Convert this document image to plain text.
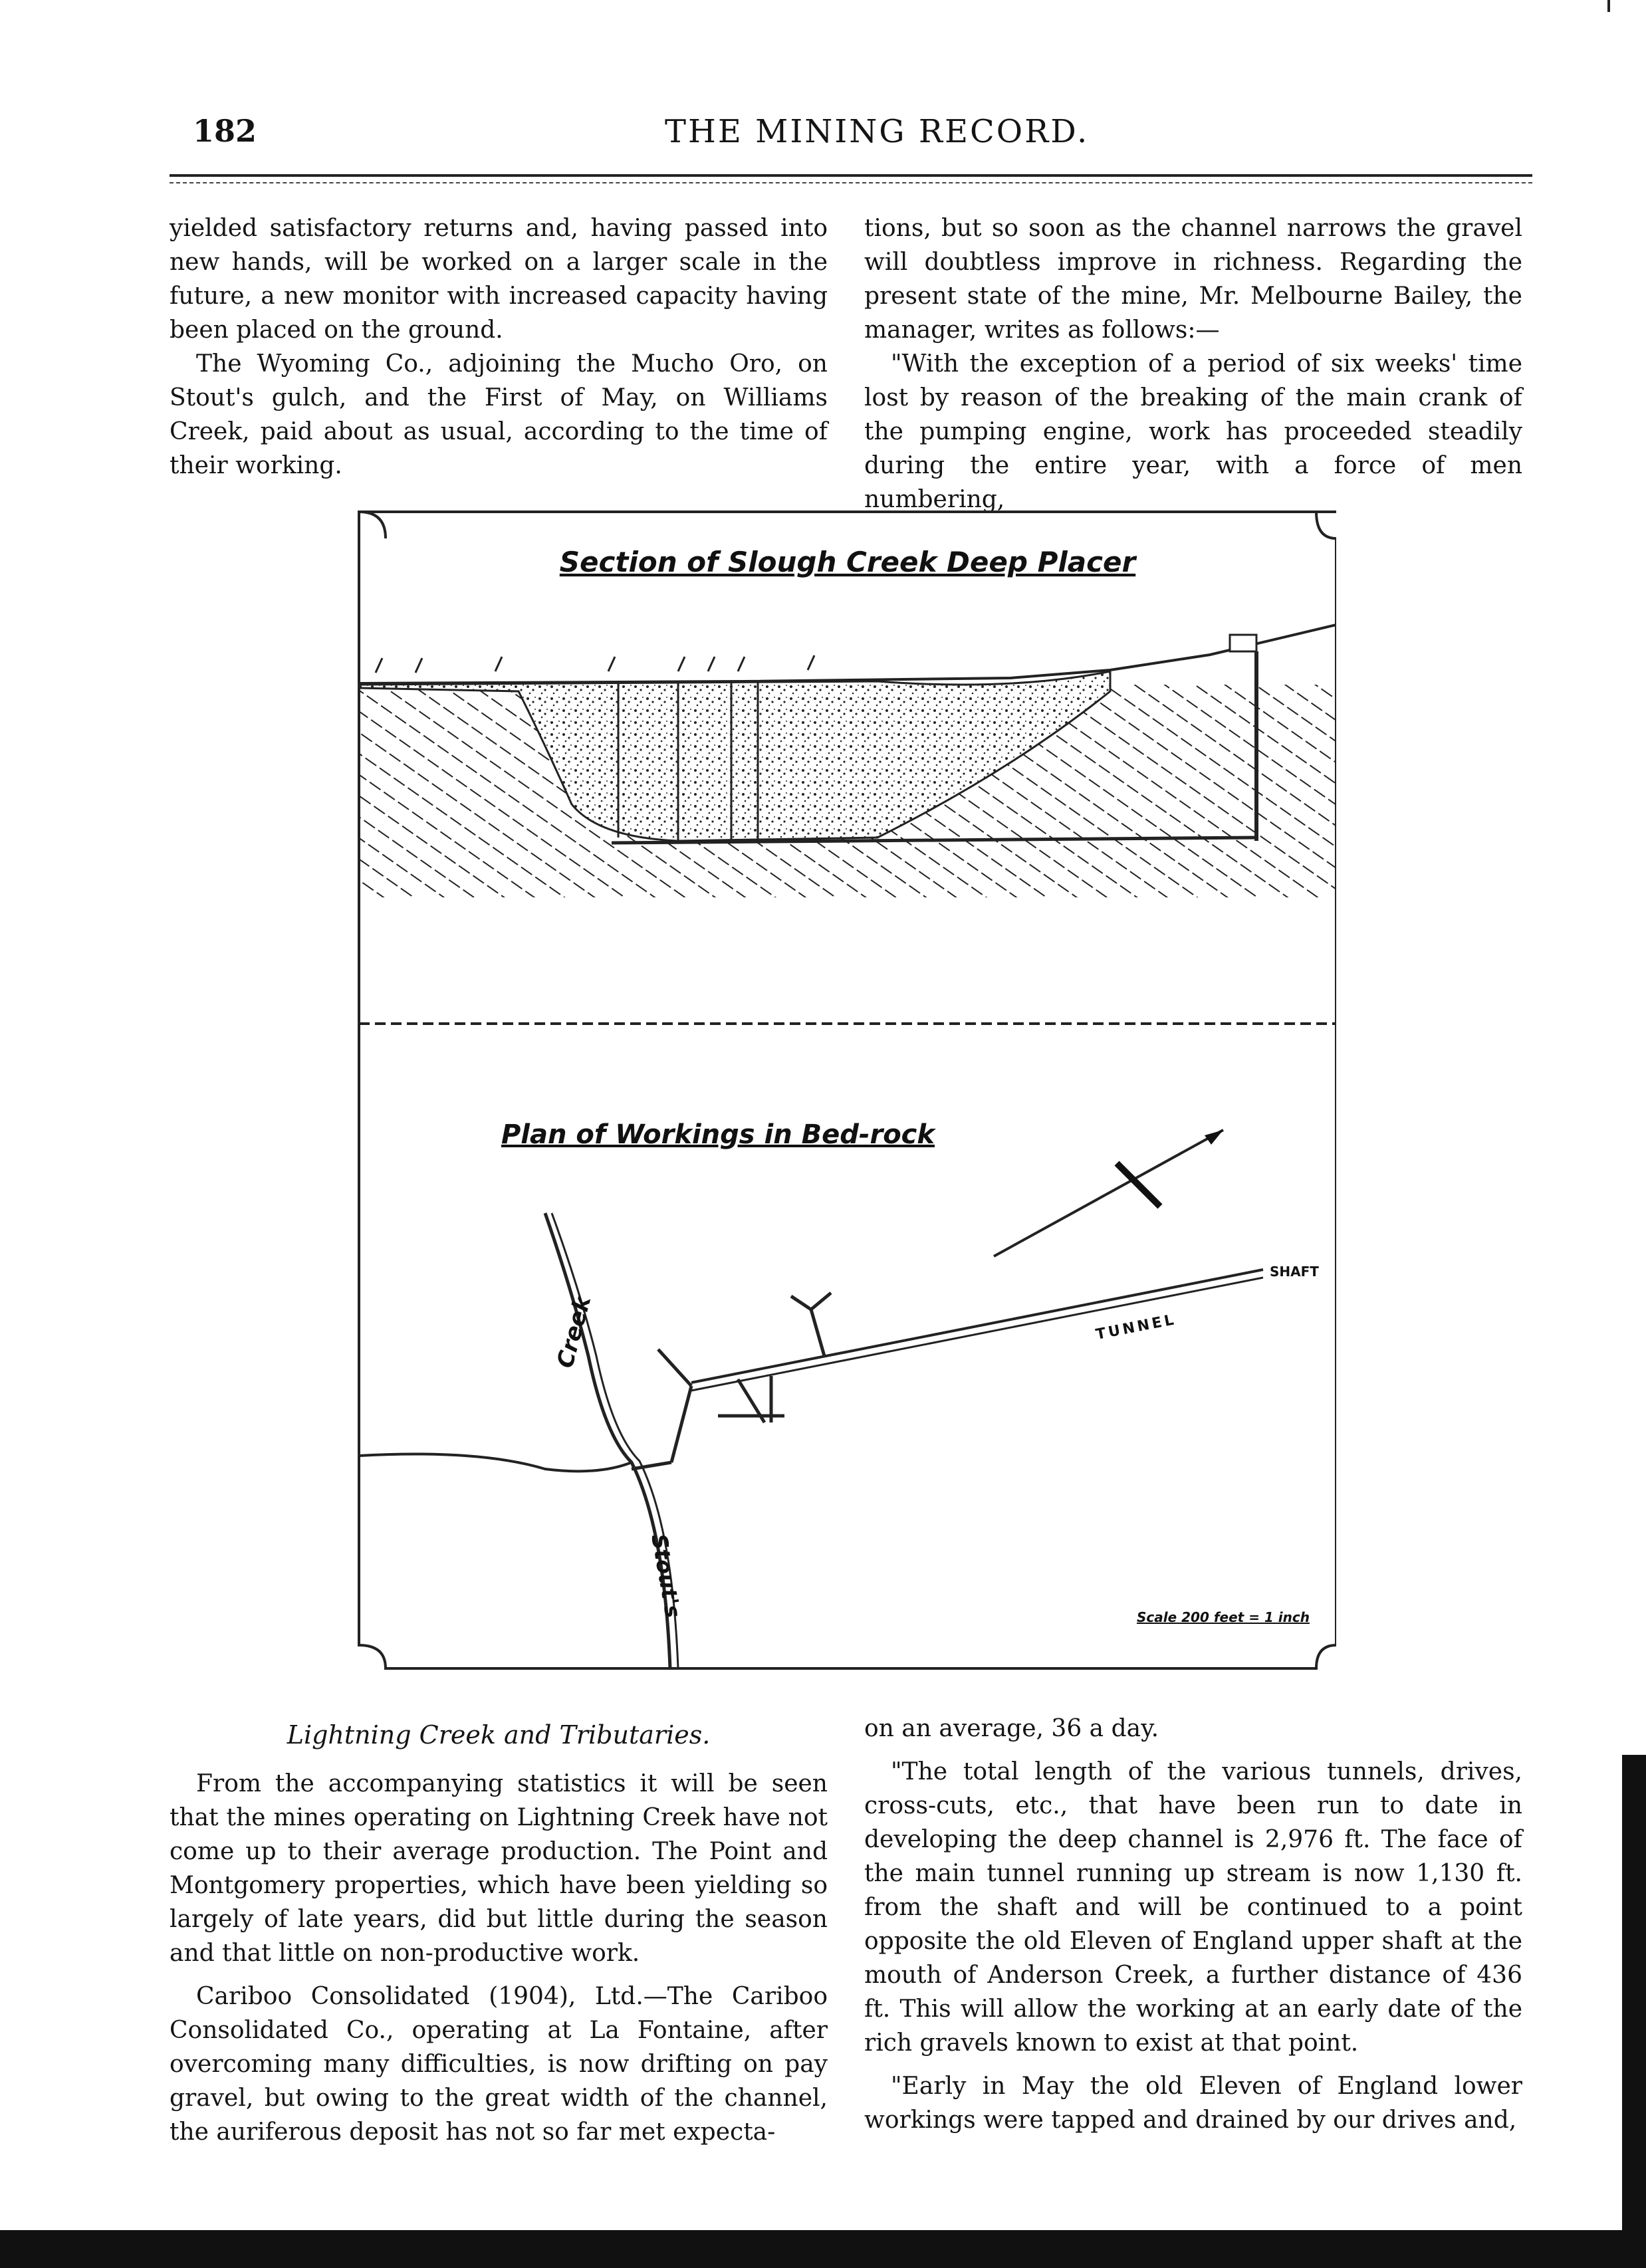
182	THE MINING RECORD.

yielded satisfactory returns and, having passed into new hands, will be worked on a larger scale in the future, a new monitor with increased capacity having been placed on the ground.

The Wyoming Co., adjoining the Mucho Oro, on Stout's gulch, and the First of May, on Williams Creek, paid about as usual, according to the time of their working.

tions, but so soon as the channel narrows the gravel will doubtless improve in richness. Regarding the present state of the mine, Mr. Melbourne Bailey, the manager, writes as follows:—

"With the exception of a period of six weeks' time lost by reason of the breaking of the main crank of the pumping engine, work has proceeded steadily during the entire year, with a force of men numbering,

Section of Slough Creek Deep Placer
Plan of Workings in Bed-rock
Creek
Stout's
TUNNEL
SHAFT
Scale 200 feet = 1 inch
Lightning Creek and Tributaries.

From the accompanying statistics it will be seen that the mines operating on Lightning Creek have not come up to their average production. The Point and Montgomery properties, which have been yielding so largely of late years, did but little during the season and that little on non-productive work.

Cariboo Consolidated (1904), Ltd.—The Cariboo Consolidated Co., operating at La Fontaine, after overcoming many difficulties, is now drifting on pay gravel, but owing to the great width of the channel, the auriferous deposit has not so far met expecta-

on an average, 36 a day.

"The total length of the various tunnels, drives, cross-cuts, etc., that have been run to date in developing the deep channel is 2,976 ft. The face of the main tunnel running up stream is now 1,130 ft. from the shaft and will be continued to a point opposite the old Eleven of England upper shaft at the mouth of Anderson Creek, a further distance of 436 ft. This will allow the working at an early date of the rich gravels known to exist at that point.

"Early in May the old Eleven of England lower workings were tapped and drained by our drives and,
